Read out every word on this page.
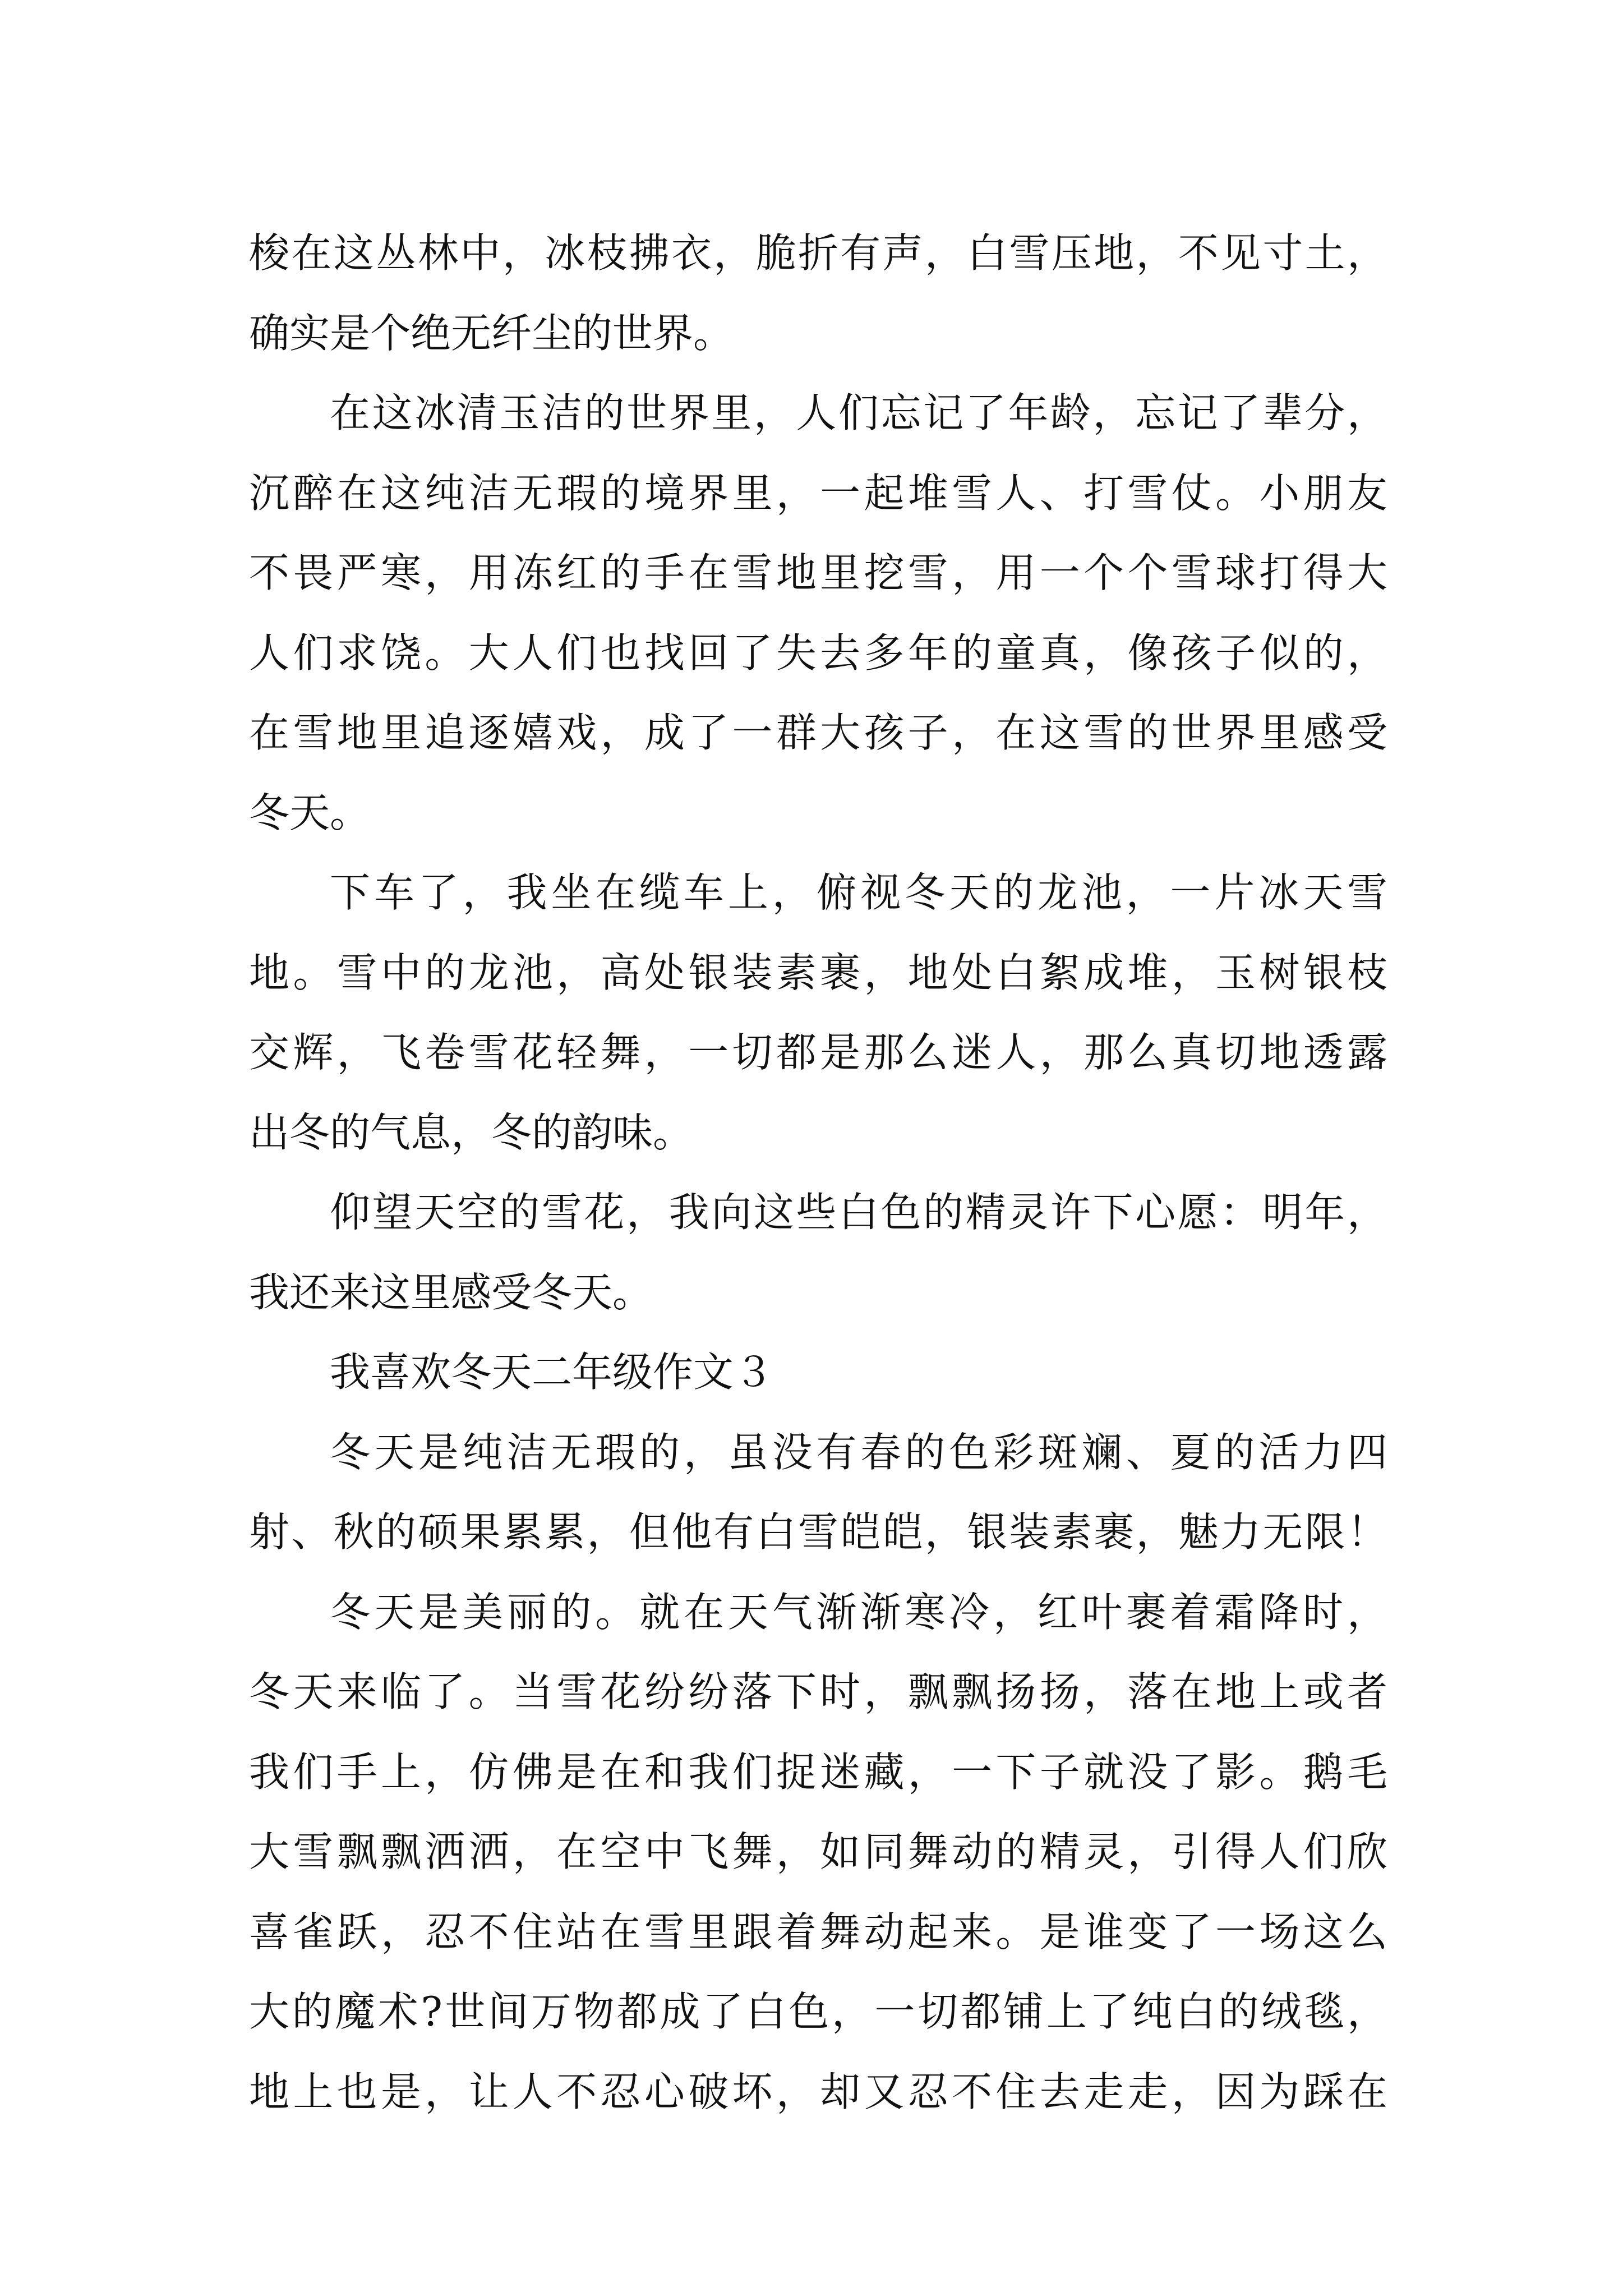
梭在这丛林中，冰枝拂衣，脆折有声，白雪压地，不见寸土，
确实是个绝无纤尘的世界。
在这冰清玉洁的世界里，人们忘记了年龄，忘记了辈分，
沉醉在这纯洁无瑕的境界里，一起堆雪人、打雪仗。小朋友
不畏严寒，用冻红的手在雪地里挖雪，用一个个雪球打得大
人们求饶。大人们也找回了失去多年的童真，像孩子似的，
在雪地里追逐嬉戏，成了一群大孩子，在这雪的世界里感受
冬天。
下车了，我坐在缆车上，俯视冬天的龙池，一片冰天雪
地。雪中的龙池，高处银装素裹，地处白絮成堆，玉树银枝
交辉，飞卷雪花轻舞，一切都是那么迷人，那么真切地透露
出冬的气息，冬的韵味。
仰望天空的雪花，我向这些白色的精灵许下心愿：明年，
我还来这里感受冬天。
我喜欢冬天二年级作文３
冬天是纯洁无瑕的，虽没有春的色彩斑斓、夏的活力四
射、秋的硕果累累，但他有白雪皑皑，银装素裹，魅力无限！
冬天是美丽的。就在天气渐渐寒冷，红叶裹着霜降时，
冬天来临了。当雪花纷纷落下时，飘飘扬扬，落在地上或者
我们手上，仿佛是在和我们捉迷藏，一下子就没了影。鹅毛
大雪飘飘洒洒，在空中飞舞，如同舞动的精灵，引得人们欣
喜雀跃，忍不住站在雪里跟着舞动起来。是谁变了一场这么
大的魔术?世间万物都成了白色，一切都铺上了纯白的绒毯，
地上也是，让人不忍心破坏，却又忍不住去走走，因为踩在
